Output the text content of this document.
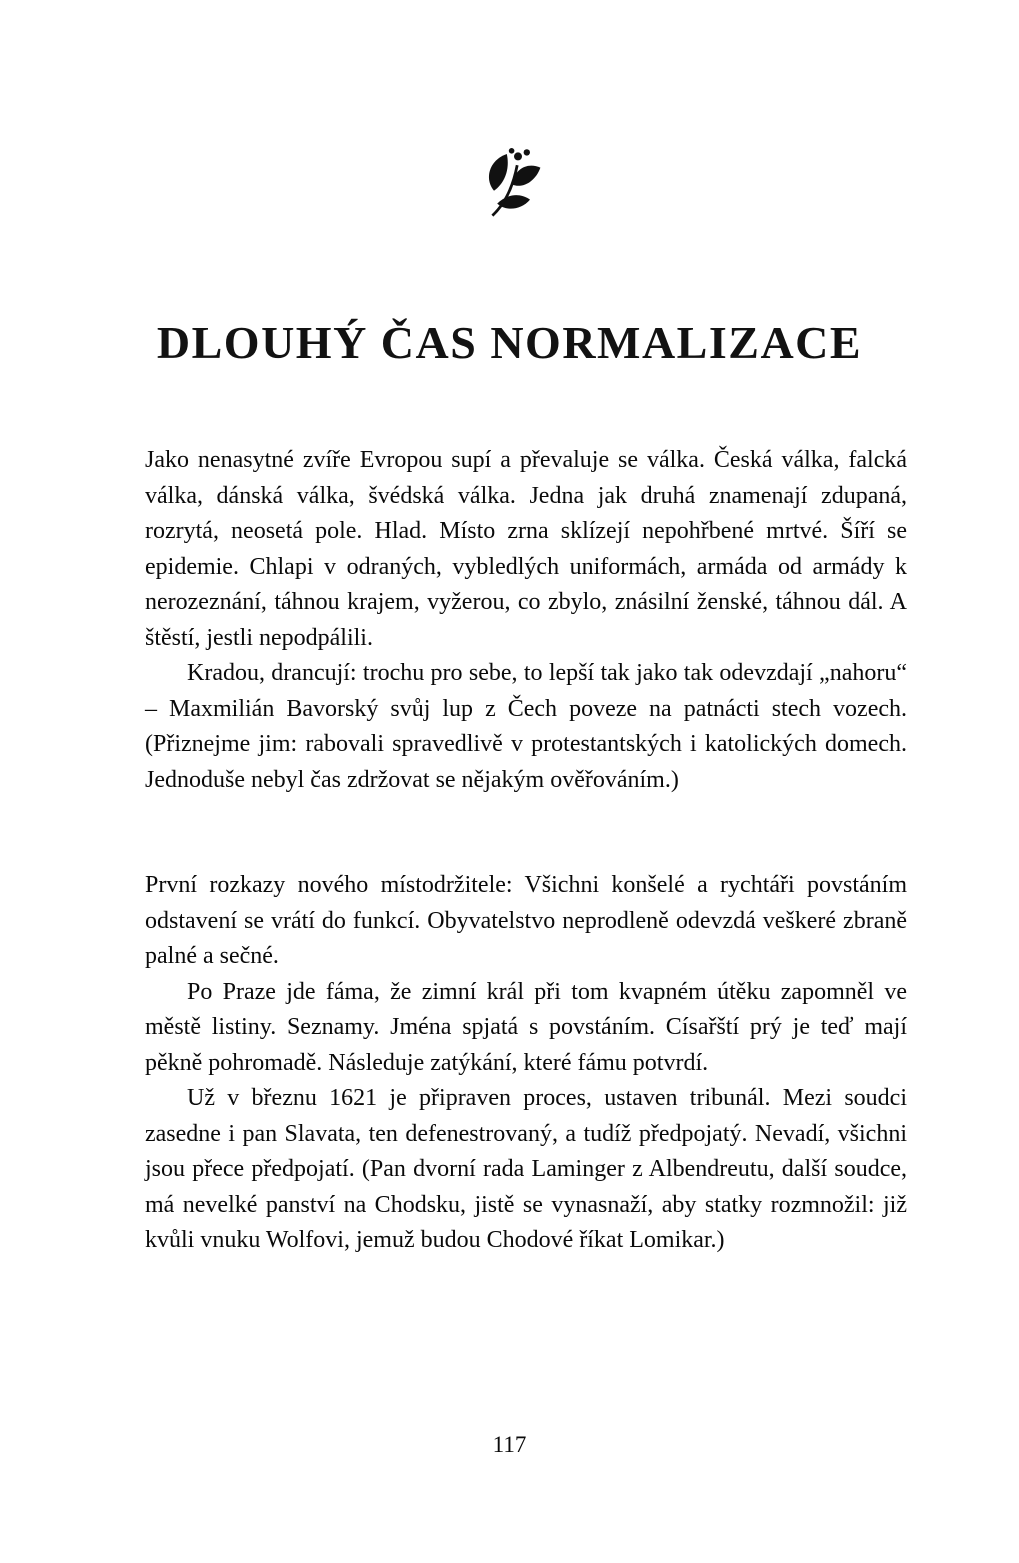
DLOUHÝ ČAS NORMALIZACE

Jako nenasytné zvíře Evropou supí a převaluje se válka. Česká válka, falcká válka, dánská válka, švédská válka. Jedna jak druhá znamenají zdupaná, rozrytá, neosetá pole. Hlad. Místo zrna sklízejí nepohřbené mrtvé. Šíří se epidemie. Chlapi v odraných, vybledlých uniformách, armáda od armády k nerozeznání, táhnou krajem, vyžerou, co zbylo, znásilní ženské, táhnou dál. A štěstí, jestli nepodpálili.

Kradou, drancují: trochu pro sebe, to lepší tak jako tak odevzdají „nahoru“ – Maxmilián Bavorský svůj lup z Čech poveze na patnácti stech vozech. (Přiznejme jim: rabovali spravedlivě v protestantských i katolických domech. Jednoduše nebyl čas zdržovat se nějakým ověřováním.)

První rozkazy nového místodržitele: Všichni konšelé a rychtáři povstáním odstavení se vrátí do funkcí. Obyvatelstvo neprodleně odevzdá veškeré zbraně palné a sečné.

Po Praze jde fáma, že zimní král při tom kvapném útěku zapomněl ve městě listiny. Seznamy. Jména spjatá s povstáním. Císařští prý je teď mají pěkně pohromadě. Následuje zatýkání, které fámu potvrdí.

Už v březnu 1621 je připraven proces, ustaven tribunál. Mezi soudci zasedne i pan Slavata, ten defenestrovaný, a tudíž předpojatý. Nevadí, všichni jsou přece předpojatí. (Pan dvorní rada Laminger z Albendreutu, další soudce, má nevelké panství na Chodsku, jistě se vynasnaží, aby statky rozmnožil: již kvůli vnuku Wolfovi, jemuž budou Chodové říkat Lomikar.)

117
